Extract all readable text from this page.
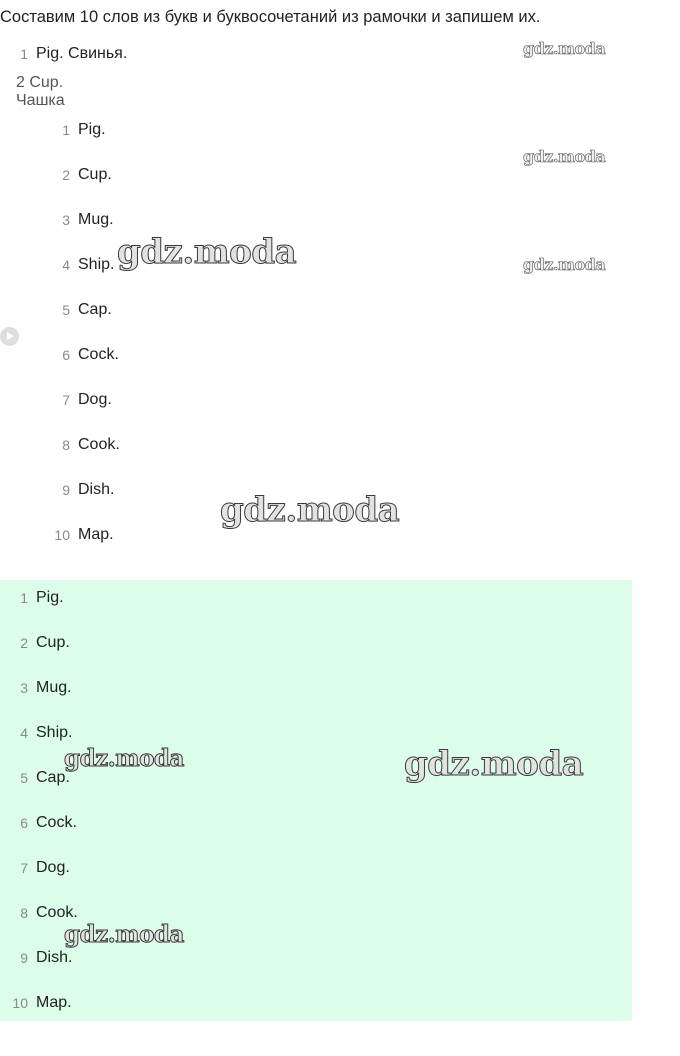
Составим 10 слов из букв и буквосочетаний из рамочки и запишем их.
1 Pig. Свинья.
2 Cup. Чашка
1 Pig.
2 Cup.
3 Mug.
4 Ship.
5 Cap.
6 Cock.
7 Dog.
8 Cook.
9 Dish.
10 Map.
1 Pig.
2 Cup.
3 Mug.
4 Ship.
5 Cap.
6 Cock.
7 Dog.
8 Cook.
9 Dish.
10 Map.
gdz.moda
gdz.moda
gdz.moda	gdz.moda
gdz.moda
gdz.moda	gdz.moda
gdz.moda
